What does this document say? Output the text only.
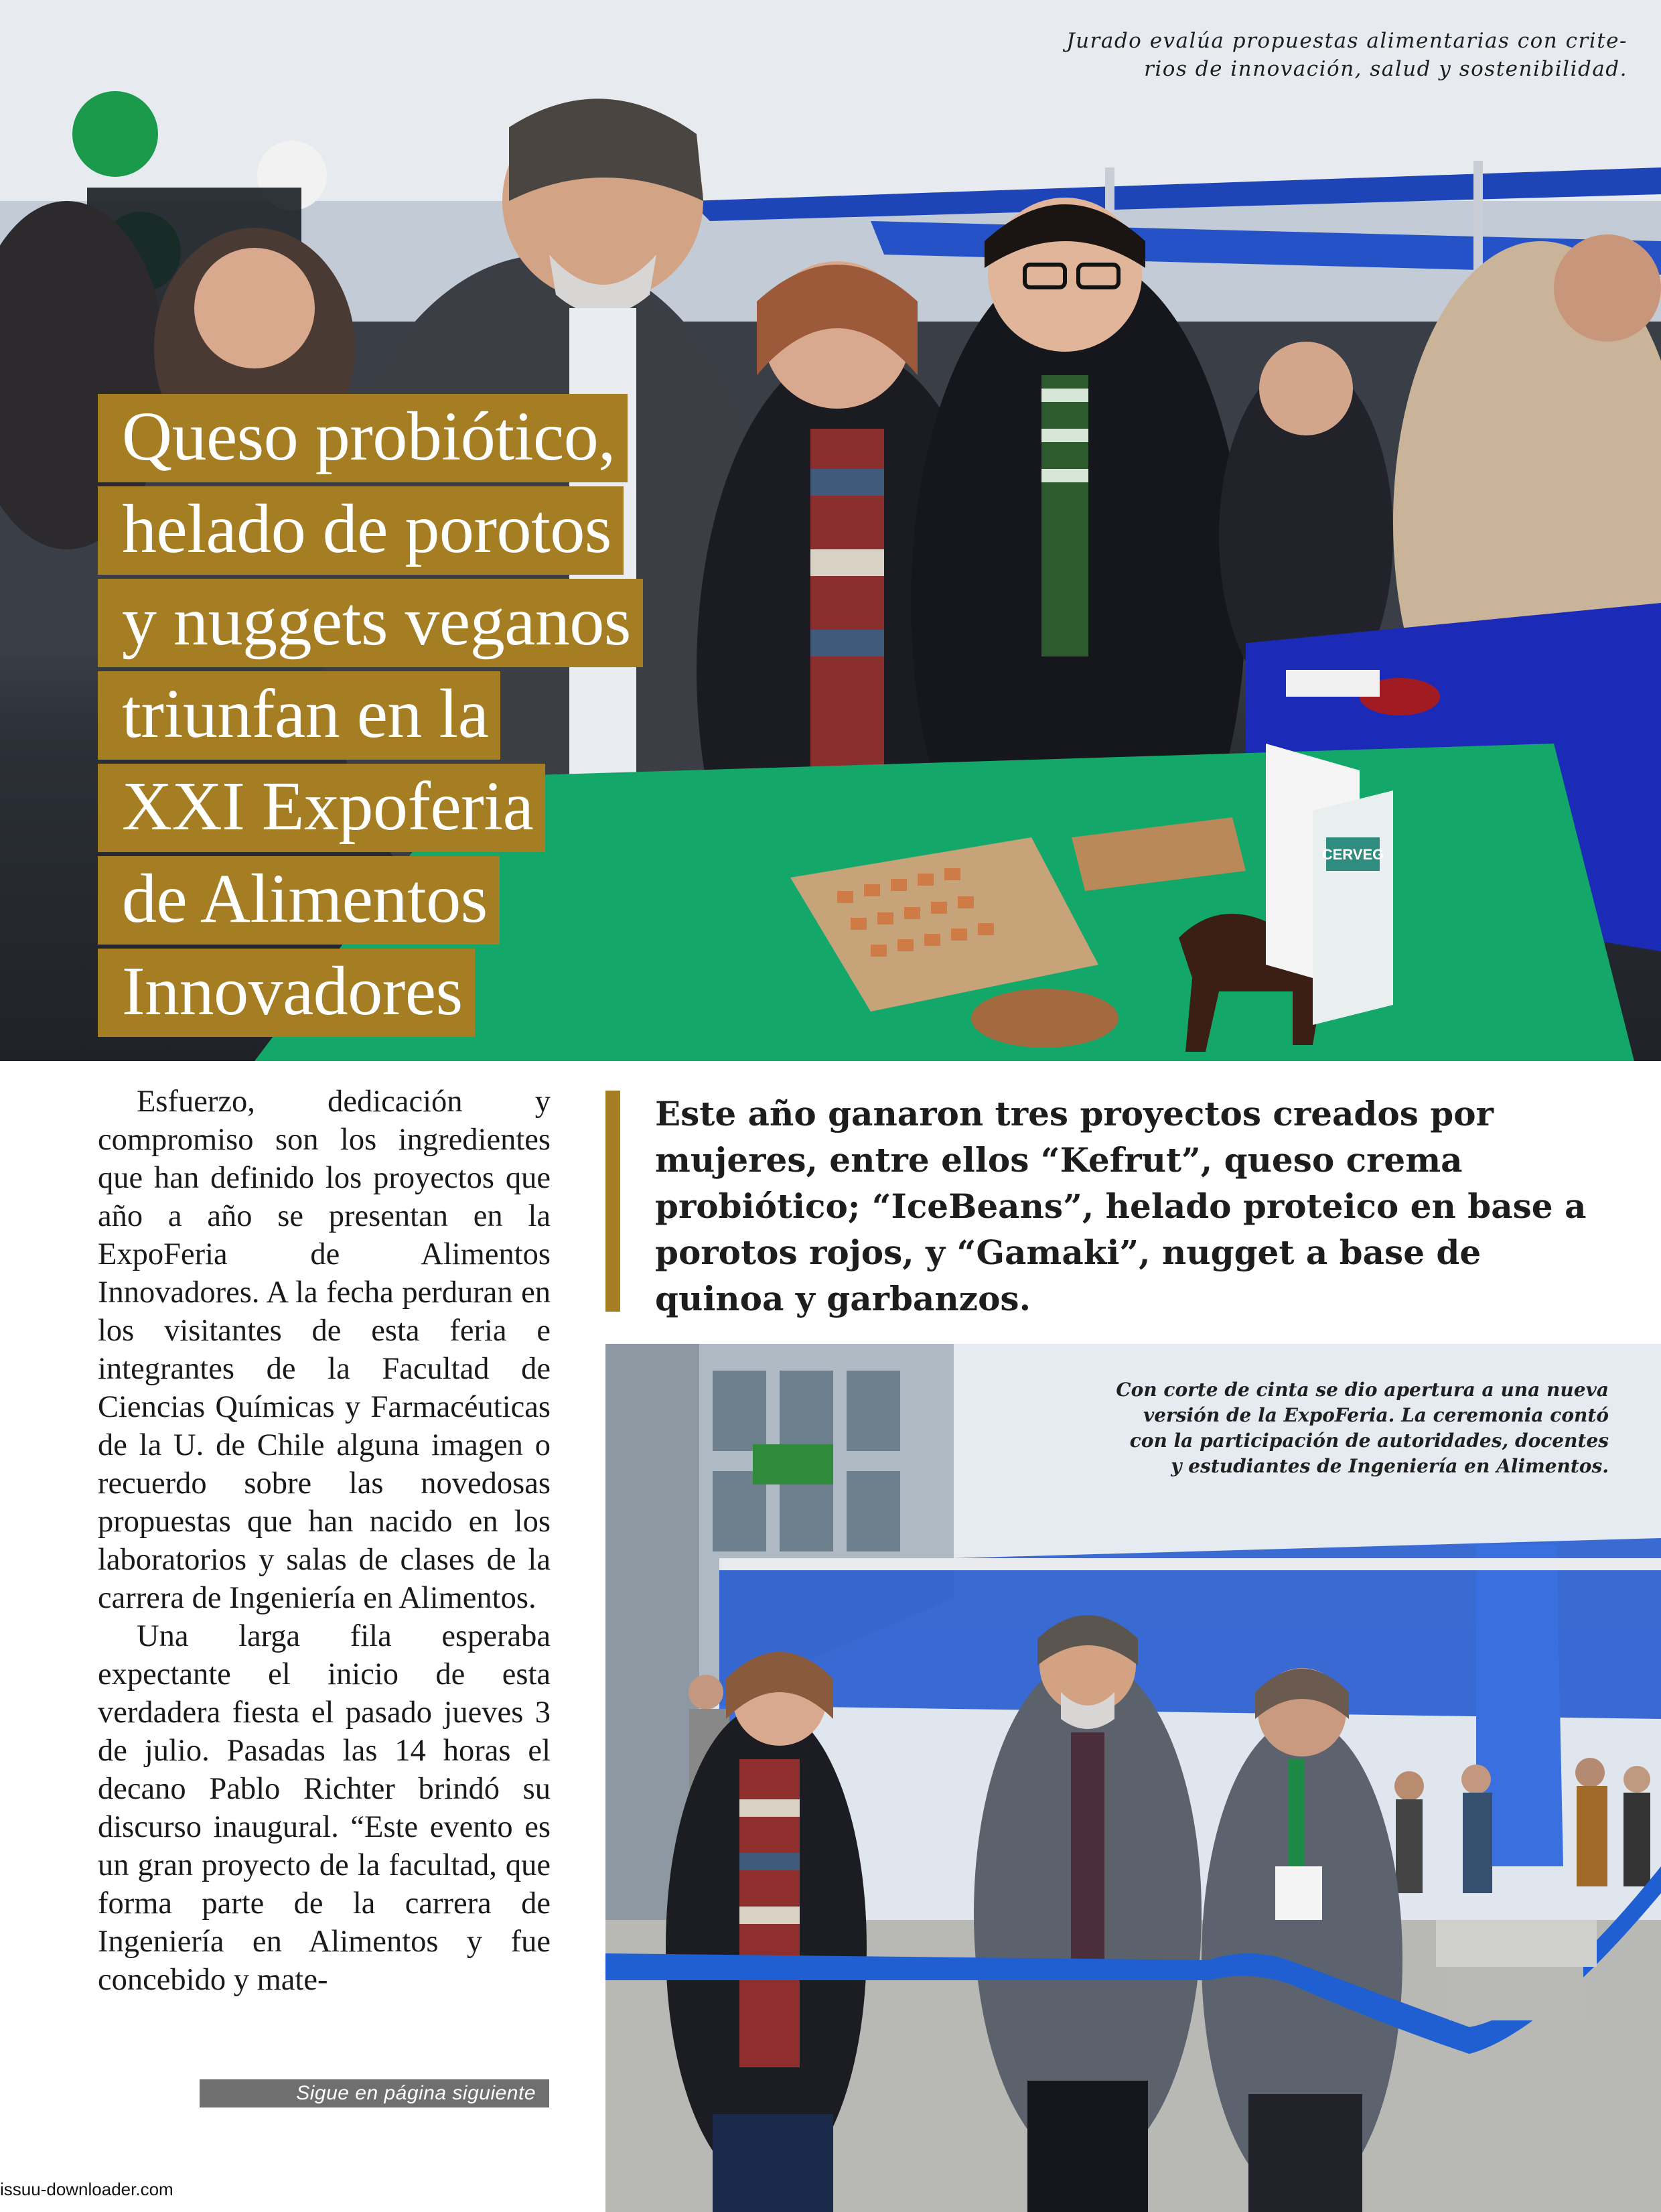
CERVEG
Jurado evalúa propuestas alimentarias con crite-
rios de innovación, salud y sostenibilidad.
Queso probiótico,
helado de porotos
y nuggets veganos
triunfan en la
XXI Expoferia
de Alimentos
Innovadores

Esfuerzo, dedicación y compromiso son los ingredientes que han definido los proyectos que año a año se presentan en la ExpoFeria de Alimentos Innovadores. A la fecha perduran en los visitantes de esta feria e integrantes de la Facultad de Ciencias Químicas y Farmacéuticas de la U. de Chile alguna imagen o recuerdo sobre las novedosas propuestas que han nacido en los laboratorios y salas de clases de la carrera de Ingeniería en Alimentos.

Una larga fila esperaba expectante el inicio de esta verdadera fiesta el pasado jueves 3 de julio. Pasadas las 14 horas el decano Pablo Richter brindó su discurso inaugural. “Este evento es un gran proyecto de la facultad, que forma parte de la carrera de Ingeniería en Alimentos y fue concebido y mate-

Sigue en página siguiente

Este año ganaron tres proyectos creados por mujeres, entre ellos “Kefrut”, queso crema probiótico; “IceBeans”, helado proteico en base a porotos rojos, y “Gamaki”, nugget a base de quinoa y garbanzos.

Con corte de cinta se dio apertura a una nueva
versión de la ExpoFeria. La ceremonia contó
con la participación de autoridades, docentes
y estudiantes de Ingeniería en Alimentos.
issuu-downloader.com
